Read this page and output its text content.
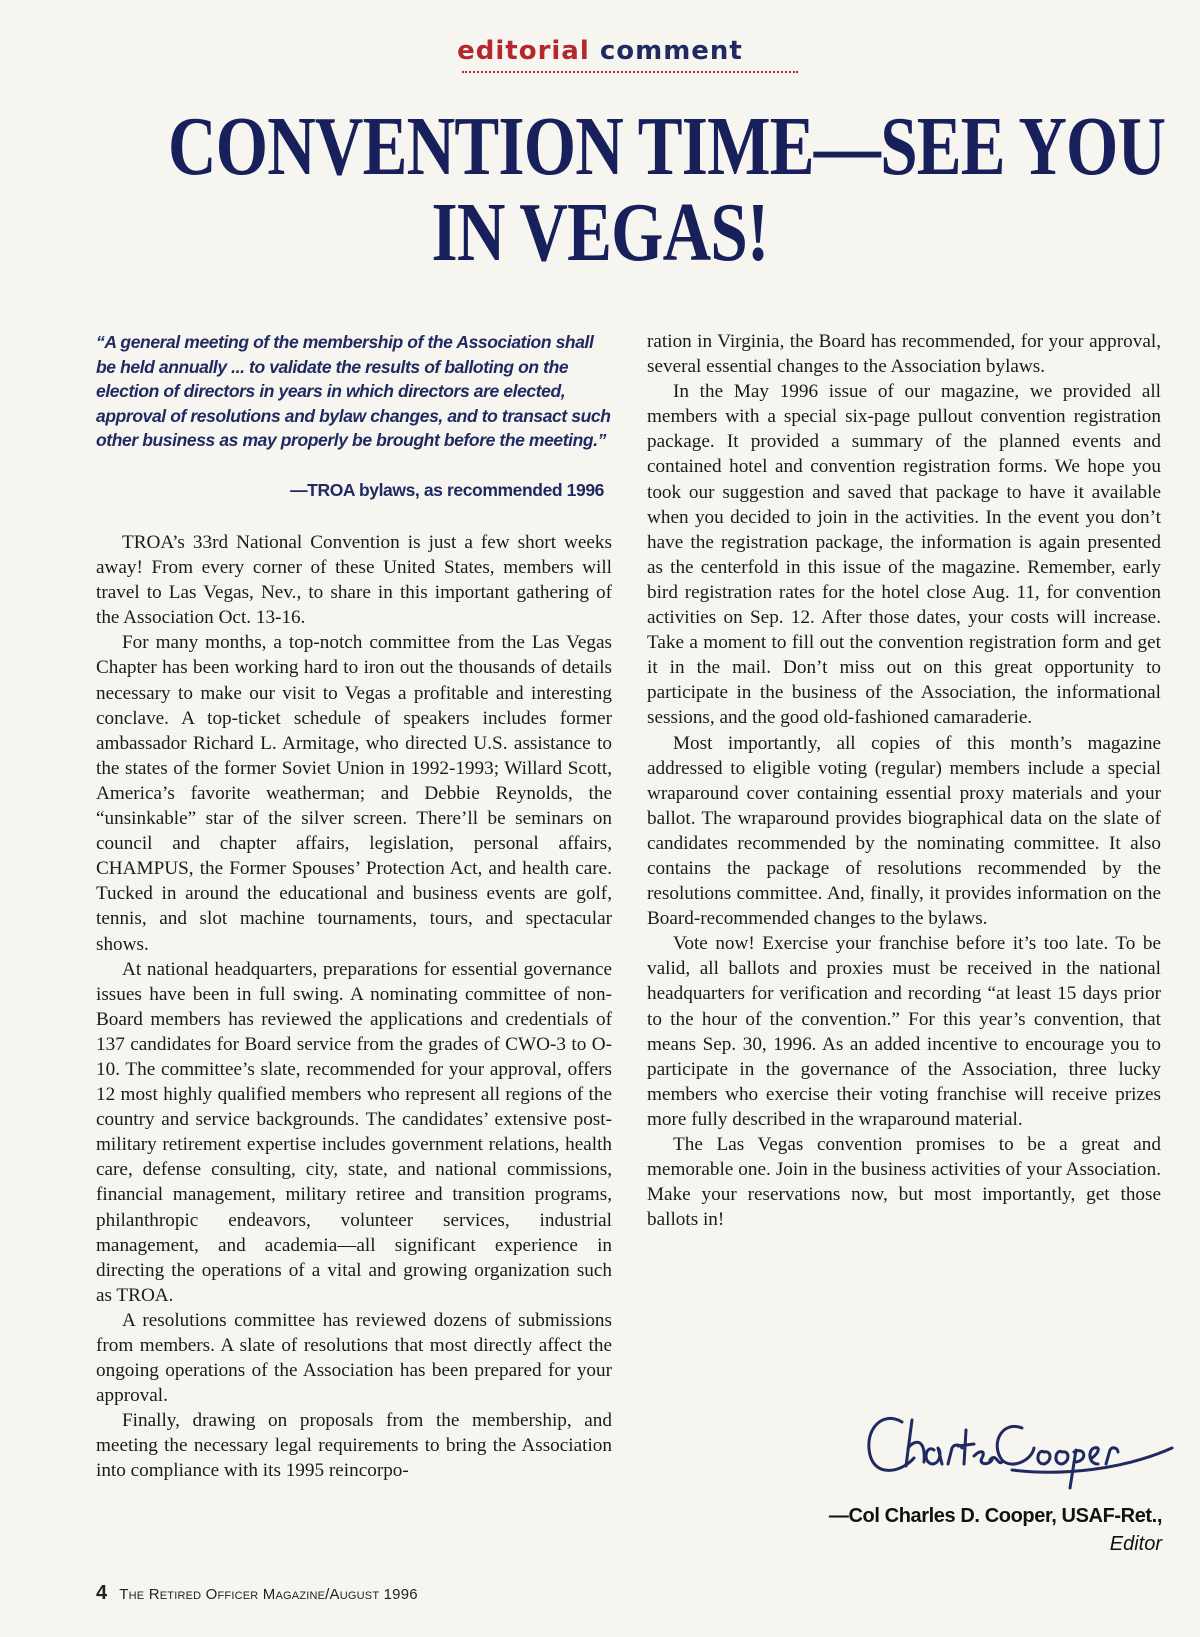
editorial comment
CONVENTION TIME—SEE YOU
IN VEGAS!
“A general meeting of the membership of the Association shall be held annually ... to validate the results of balloting on the election of directors in years in which directors are elected, approval of resolutions and bylaw changes, and to transact such other business as may properly be brought before the meeting.”
—TROA bylaws, as recommended 1996

TROA’s 33rd National Convention is just a few short weeks away! From every corner of these United States, members will travel to Las Vegas, Nev., to share in this important gathering of the Association Oct. 13-16.

For many months, a top-notch committee from the Las Vegas Chapter has been working hard to iron out the thousands of details necessary to make our visit to Vegas a profitable and interesting conclave. A top-ticket schedule of speakers includes former ambassador Richard L. Armitage, who directed U.S. assistance to the states of the former Soviet Union in 1992-1993; Willard Scott, America’s favorite weatherman; and Debbie Reynolds, the “unsinkable” star of the silver screen. There’ll be seminars on council and chapter affairs, legislation, personal affairs, CHAMPUS, the Former Spouses’ Protection Act, and health care. Tucked in around the educational and business events are golf, tennis, and slot machine tournaments, tours, and spectacular shows.

At national headquarters, preparations for essential governance issues have been in full swing. A nominating committee of non-Board members has reviewed the applications and credentials of 137 candidates for Board service from the grades of CWO-3 to O-10. The committee’s slate, recommended for your approval, offers 12 most highly qualified members who represent all regions of the country and service backgrounds. The candidates’ extensive post-military retirement expertise includes government relations, health care, defense consulting, city, state, and national commissions, financial management, military retiree and transition programs, philanthropic endeavors, volunteer services, industrial management, and academia—all significant experience in directing the operations of a vital and growing organization such as TROA.

A resolutions committee has reviewed dozens of submissions from members. A slate of resolutions that most directly affect the ongoing operations of the Association has been prepared for your approval.

Finally, drawing on proposals from the membership, and meeting the necessary legal requirements to bring the Association into compliance with its 1995 reincorpo-

ration in Virginia, the Board has recommended, for your approval, several essential changes to the Association bylaws.

In the May 1996 issue of our magazine, we provided all members with a special six-page pullout convention registration package. It provided a summary of the planned events and contained hotel and convention registration forms. We hope you took our suggestion and saved that package to have it available when you decided to join in the activities. In the event you don’t have the registration package, the information is again presented as the centerfold in this issue of the magazine. Remember, early bird registration rates for the hotel close Aug. 11, for convention activities on Sep. 12. After those dates, your costs will increase. Take a moment to fill out the convention registration form and get it in the mail. Don’t miss out on this great opportunity to participate in the business of the Association, the informational sessions, and the good old-fashioned camaraderie.

Most importantly, all copies of this month’s magazine addressed to eligible voting (regular) members include a special wraparound cover containing essential proxy materials and your ballot. The wraparound provides biographical data on the slate of candidates recommended by the nominating committee. It also contains the package of resolutions recommended by the resolutions committee. And, finally, it provides information on the Board-recommended changes to the bylaws.

Vote now! Exercise your franchise before it’s too late. To be valid, all ballots and proxies must be received in the national headquarters for verification and recording “at least 15 days prior to the hour of the convention.” For this year’s convention, that means Sep. 30, 1996. As an added incentive to encourage you to participate in the governance of the Association, three lucky members who exercise their voting franchise will receive prizes more fully described in the wraparound material.

The Las Vegas convention promises to be a great and memorable one. Join in the business activities of your Association. Make your reservations now, but most importantly, get those ballots in!

—Col Charles D. Cooper, USAF-Ret.,
Editor
4 The Retired Officer Magazine/August 1996
